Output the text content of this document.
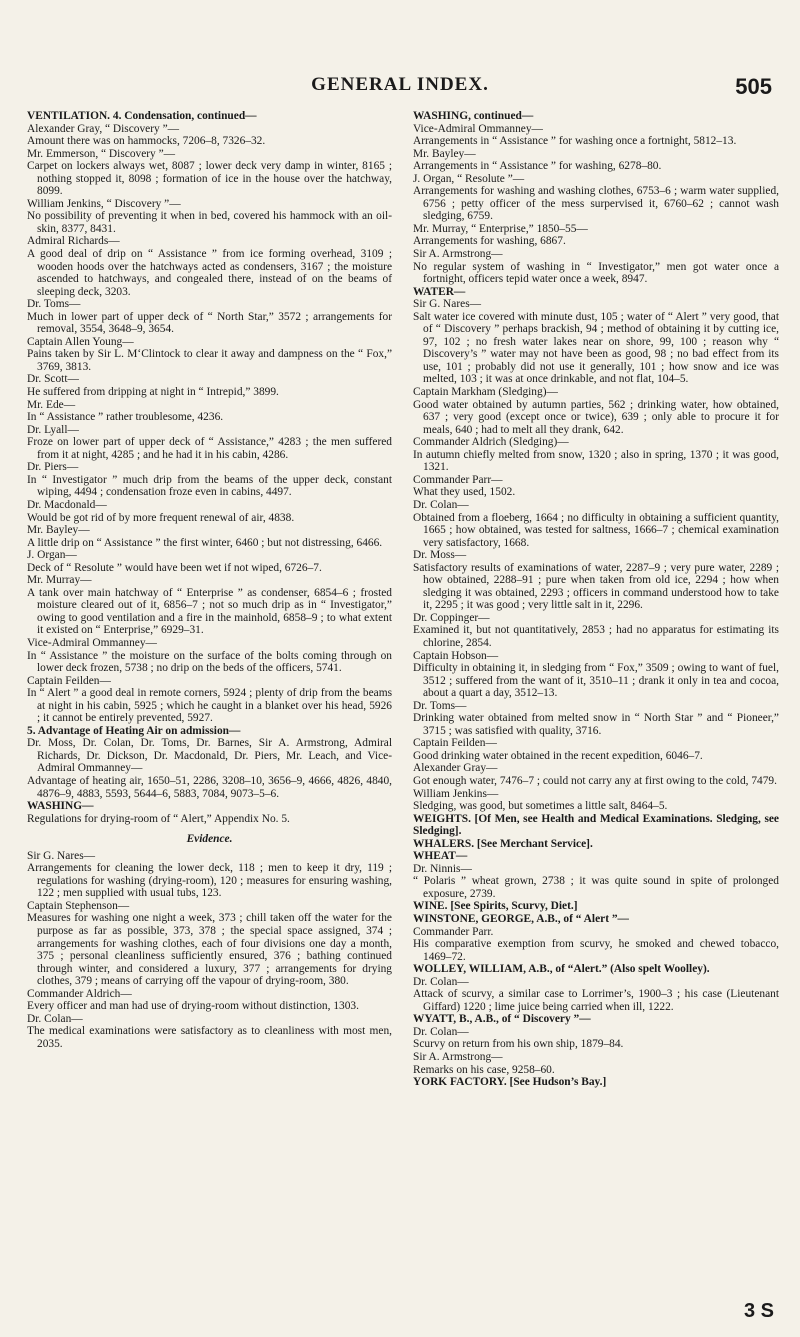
GENERAL INDEX.	505

VENTILATION. 4. Condensation, continued—

Alexander Gray, “ Discovery ”—

Amount there was on hammocks, 7206–8, 7326–32.

Mr. Emmerson, “ Discovery ”—

Carpet on lockers always wet, 8087 ; lower deck very damp in winter, 8165 ; nothing stopped it, 8098 ; formation of ice in the house over the hatchway, 8099.

William Jenkins, “ Discovery ”—

No possibility of preventing it when in bed, covered his hammock with an oil-skin, 8377, 8431.

Admiral Richards—

A good deal of drip on “ Assistance ” from ice forming overhead, 3109 ; wooden hoods over the hatchways acted as condensers, 3167 ; the moisture ascended to hatchways, and congealed there, instead of on the beams of sleeping deck, 3203.

Dr. Toms—

Much in lower part of upper deck of “ North Star,” 3572 ; arrangements for removal, 3554, 3648–9, 3654.

Captain Allen Young—

Pains taken by Sir L. M‘Clintock to clear it away and dampness on the “ Fox,” 3769, 3813.

Dr. Scott—

He suffered from dripping at night in “ Intrepid,” 3899.

Mr. Ede—

In “ Assistance ” rather troublesome, 4236.

Dr. Lyall—

Froze on lower part of upper deck of “ Assistance,” 4283 ; the men suffered from it at night, 4285 ; and he had it in his cabin, 4286.

Dr. Piers—

In “ Investigator ” much drip from the beams of the upper deck, constant wiping, 4494 ; condensation froze even in cabins, 4497.

Dr. Macdonald—

Would be got rid of by more frequent renewal of air, 4838.

Mr. Bayley—

A little drip on “ Assistance ” the first winter, 6460 ; but not distressing, 6466.

J. Organ—

Deck of “ Resolute ” would have been wet if not wiped, 6726–7.

Mr. Murray—

A tank over main hatchway of “ Enterprise ” as condenser, 6854–6 ; frosted moisture cleared out of it, 6856–7 ; not so much drip as in “ Investigator,” owing to good ventilation and a fire in the mainhold, 6858–9 ; to what extent it existed on “ Enterprise,” 6929–31.

Vice-Admiral Ommanney—

In “ Assistance ” the moisture on the surface of the bolts coming through on lower deck frozen, 5738 ; no drip on the beds of the officers, 5741.

Captain Feilden—

In “ Alert ” a good deal in remote corners, 5924 ; plenty of drip from the beams at night in his cabin, 5925 ; which he caught in a blanket over his head, 5926 ; it cannot be entirely prevented, 5927.

5. Advantage of Heating Air on admission—

Dr. Moss, Dr. Colan, Dr. Toms, Dr. Barnes, Sir A. Armstrong, Admiral Richards, Dr. Dickson, Dr. Macdonald, Dr. Piers, Mr. Leach, and Vice-Admiral Ommanney—

Advantage of heating air, 1650–51, 2286, 3208–10, 3656–9, 4666, 4826, 4840, 4876–9, 4883, 5593, 5644–6, 5883, 7084, 9073–5–6.

WASHING—

Regulations for drying-room of “ Alert,” Appendix No. 5.

Evidence.

Sir G. Nares—

Arrangements for cleaning the lower deck, 118 ; men to keep it dry, 119 ; regulations for washing (drying-room), 120 ; measures for ensuring washing, 122 ; men supplied with usual tubs, 123.

Captain Stephenson—

Measures for washing one night a week, 373 ; chill taken off the water for the purpose as far as possible, 373, 378 ; the special space assigned, 374 ; arrangements for washing clothes, each of four divisions one day a month, 375 ; personal cleanliness sufficiently ensured, 376 ; bathing continued through winter, and considered a luxury, 377 ; arrangements for drying clothes, 379 ; means of carrying off the vapour of drying-room, 380.

Commander Aldrich—

Every officer and man had use of drying-room without distinction, 1303.

Dr. Colan—

The medical examinations were satisfactory as to cleanliness with most men, 2035.

WASHING, continued—

Vice-Admiral Ommanney—

Arrangements in “ Assistance ” for washing once a fortnight, 5812–13.

Mr. Bayley—

Arrangements in “ Assistance ” for washing, 6278–80.

J. Organ, “ Resolute ”—

Arrangements for washing and washing clothes, 6753–6 ; warm water supplied, 6756 ; petty officer of the mess surpervised it, 6760–62 ; cannot wash sledging, 6759.

Mr. Murray, “ Enterprise,” 1850–55—

Arrangements for washing, 6867.

Sir A. Armstrong—

No regular system of washing in “ Investigator,” men got water once a fortnight, officers tepid water once a week, 8947.

WATER—

Sir G. Nares—

Salt water ice covered with minute dust, 105 ; water of “ Alert ” very good, that of “ Discovery ” perhaps brackish, 94 ; method of obtaining it by cutting ice, 97, 102 ; no fresh water lakes near on shore, 99, 100 ; reason why “ Discovery’s ” water may not have been as good, 98 ; no bad effect from its use, 101 ; probably did not use it generally, 101 ; how snow and ice was melted, 103 ; it was at once drinkable, and not flat, 104–5.

Captain Markham (Sledging)—

Good water obtained by autumn parties, 562 ; drinking water, how obtained, 637 ; very good (except once or twice), 639 ; only able to procure it for meals, 640 ; had to melt all they drank, 642.

Commander Aldrich (Sledging)—

In autumn chiefly melted from snow, 1320 ; also in spring, 1370 ; it was good, 1321.

Commander Parr—

What they used, 1502.

Dr. Colan—

Obtained from a floeberg, 1664 ; no difficulty in obtaining a sufficient quantity, 1665 ; how obtained, was tested for saltness, 1666–7 ; chemical examination very satisfactory, 1668.

Dr. Moss—

Satisfactory results of examinations of water, 2287–9 ; very pure water, 2289 ; how obtained, 2288–91 ; pure when taken from old ice, 2294 ; how when sledging it was obtained, 2293 ; officers in command understood how to take it, 2295 ; it was good ; very little salt in it, 2296.

Dr. Coppinger—

Examined it, but not quantitatively, 2853 ; had no apparatus for estimating its chlorine, 2854.

Captain Hobson—

Difficulty in obtaining it, in sledging from “ Fox,” 3509 ; owing to want of fuel, 3512 ; suffered from the want of it, 3510–11 ; drank it only in tea and cocoa, about a quart a day, 3512–13.

Dr. Toms—

Drinking water obtained from melted snow in “ North Star ” and “ Pioneer,” 3715 ; was satisfied with quality, 3716.

Captain Feilden—

Good drinking water obtained in the recent expedition, 6046–7.

Alexander Gray—

Got enough water, 7476–7 ; could not carry any at first owing to the cold, 7479.

William Jenkins—

Sledging, was good, but sometimes a little salt, 8464–5.

WEIGHTS. [Of Men, see Health and Medical Examinations. Sledging, see Sledging].

WHALERS. [See Merchant Service].

WHEAT—

Dr. Ninnis—

“ Polaris ” wheat grown, 2738 ; it was quite sound in spite of prolonged exposure, 2739.

WINE. [See Spirits, Scurvy, Diet.]

WINSTONE, GEORGE, A.B., of “ Alert ”—

Commander Parr.

His comparative exemption from scurvy, he smoked and chewed tobacco, 1469–72.

WOLLEY, WILLIAM, A.B., of “Alert.” (Also spelt Woolley).

Dr. Colan—

Attack of scurvy, a similar case to Lorrimer’s, 1900–3 ; his case (Lieutenant Giffard) 1220 ; lime juice being carried when ill, 1222.

WYATT, B., A.B., of “ Discovery ”—

Dr. Colan—

Scurvy on return from his own ship, 1879–84.

Sir A. Armstrong—

Remarks on his case, 9258–60.

YORK FACTORY. [See Hudson’s Bay.]

3 S
